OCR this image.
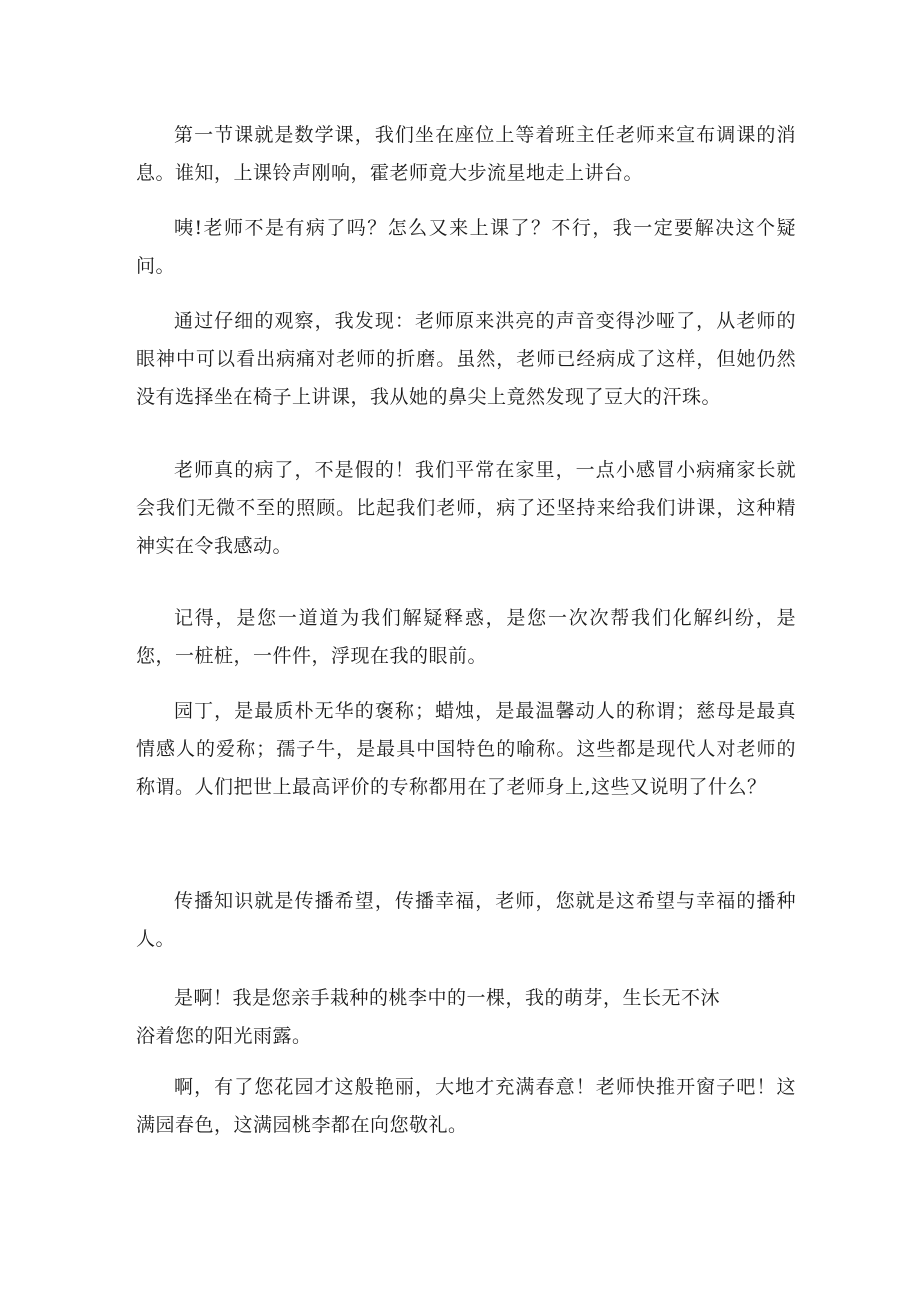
第一节课就是数学课，我们坐在座位上等着班主任老师来宣布调课的消息。谁知，上课铃声刚响，霍老师竟大步流星地走上讲台。

咦!老师不是有病了吗？怎么又来上课了？不行，我一定要解决这个疑问。

通过仔细的观察，我发现：老师原来洪亮的声音变得沙哑了，从老师的眼神中可以看出病痛对老师的折磨。虽然，老师已经病成了这样，但她仍然没有选择坐在椅子上讲课，我从她的鼻尖上竟然发现了豆大的汗珠。

老师真的病了，不是假的！我们平常在家里，一点小感冒小病痛家长就会我们无微不至的照顾。比起我们老师，病了还坚持来给我们讲课，这种精神实在令我感动。

记得，是您一道道为我们解疑释惑，是您一次次帮我们化解纠纷，是您，一桩桩，一件件，浮现在我的眼前。

园丁，是最质朴无华的褒称；蜡烛，是最温馨动人的称谓；慈母是最真情感人的爱称；孺子牛，是最具中国特色的喻称。这些都是现代人对老师的称谓。人们把世上最高评价的专称都用在了老师身上,这些又说明了什么？

传播知识就是传播希望，传播幸福，老师，您就是这希望与幸福的播种人。

是啊！我是您亲手栽种的桃李中的一棵，我的萌芽，生长无不沐
浴着您的阳光雨露。

啊，有了您花园才这般艳丽，大地才充满春意！老师快推开窗子吧！这满园春色，这满园桃李都在向您敬礼。
